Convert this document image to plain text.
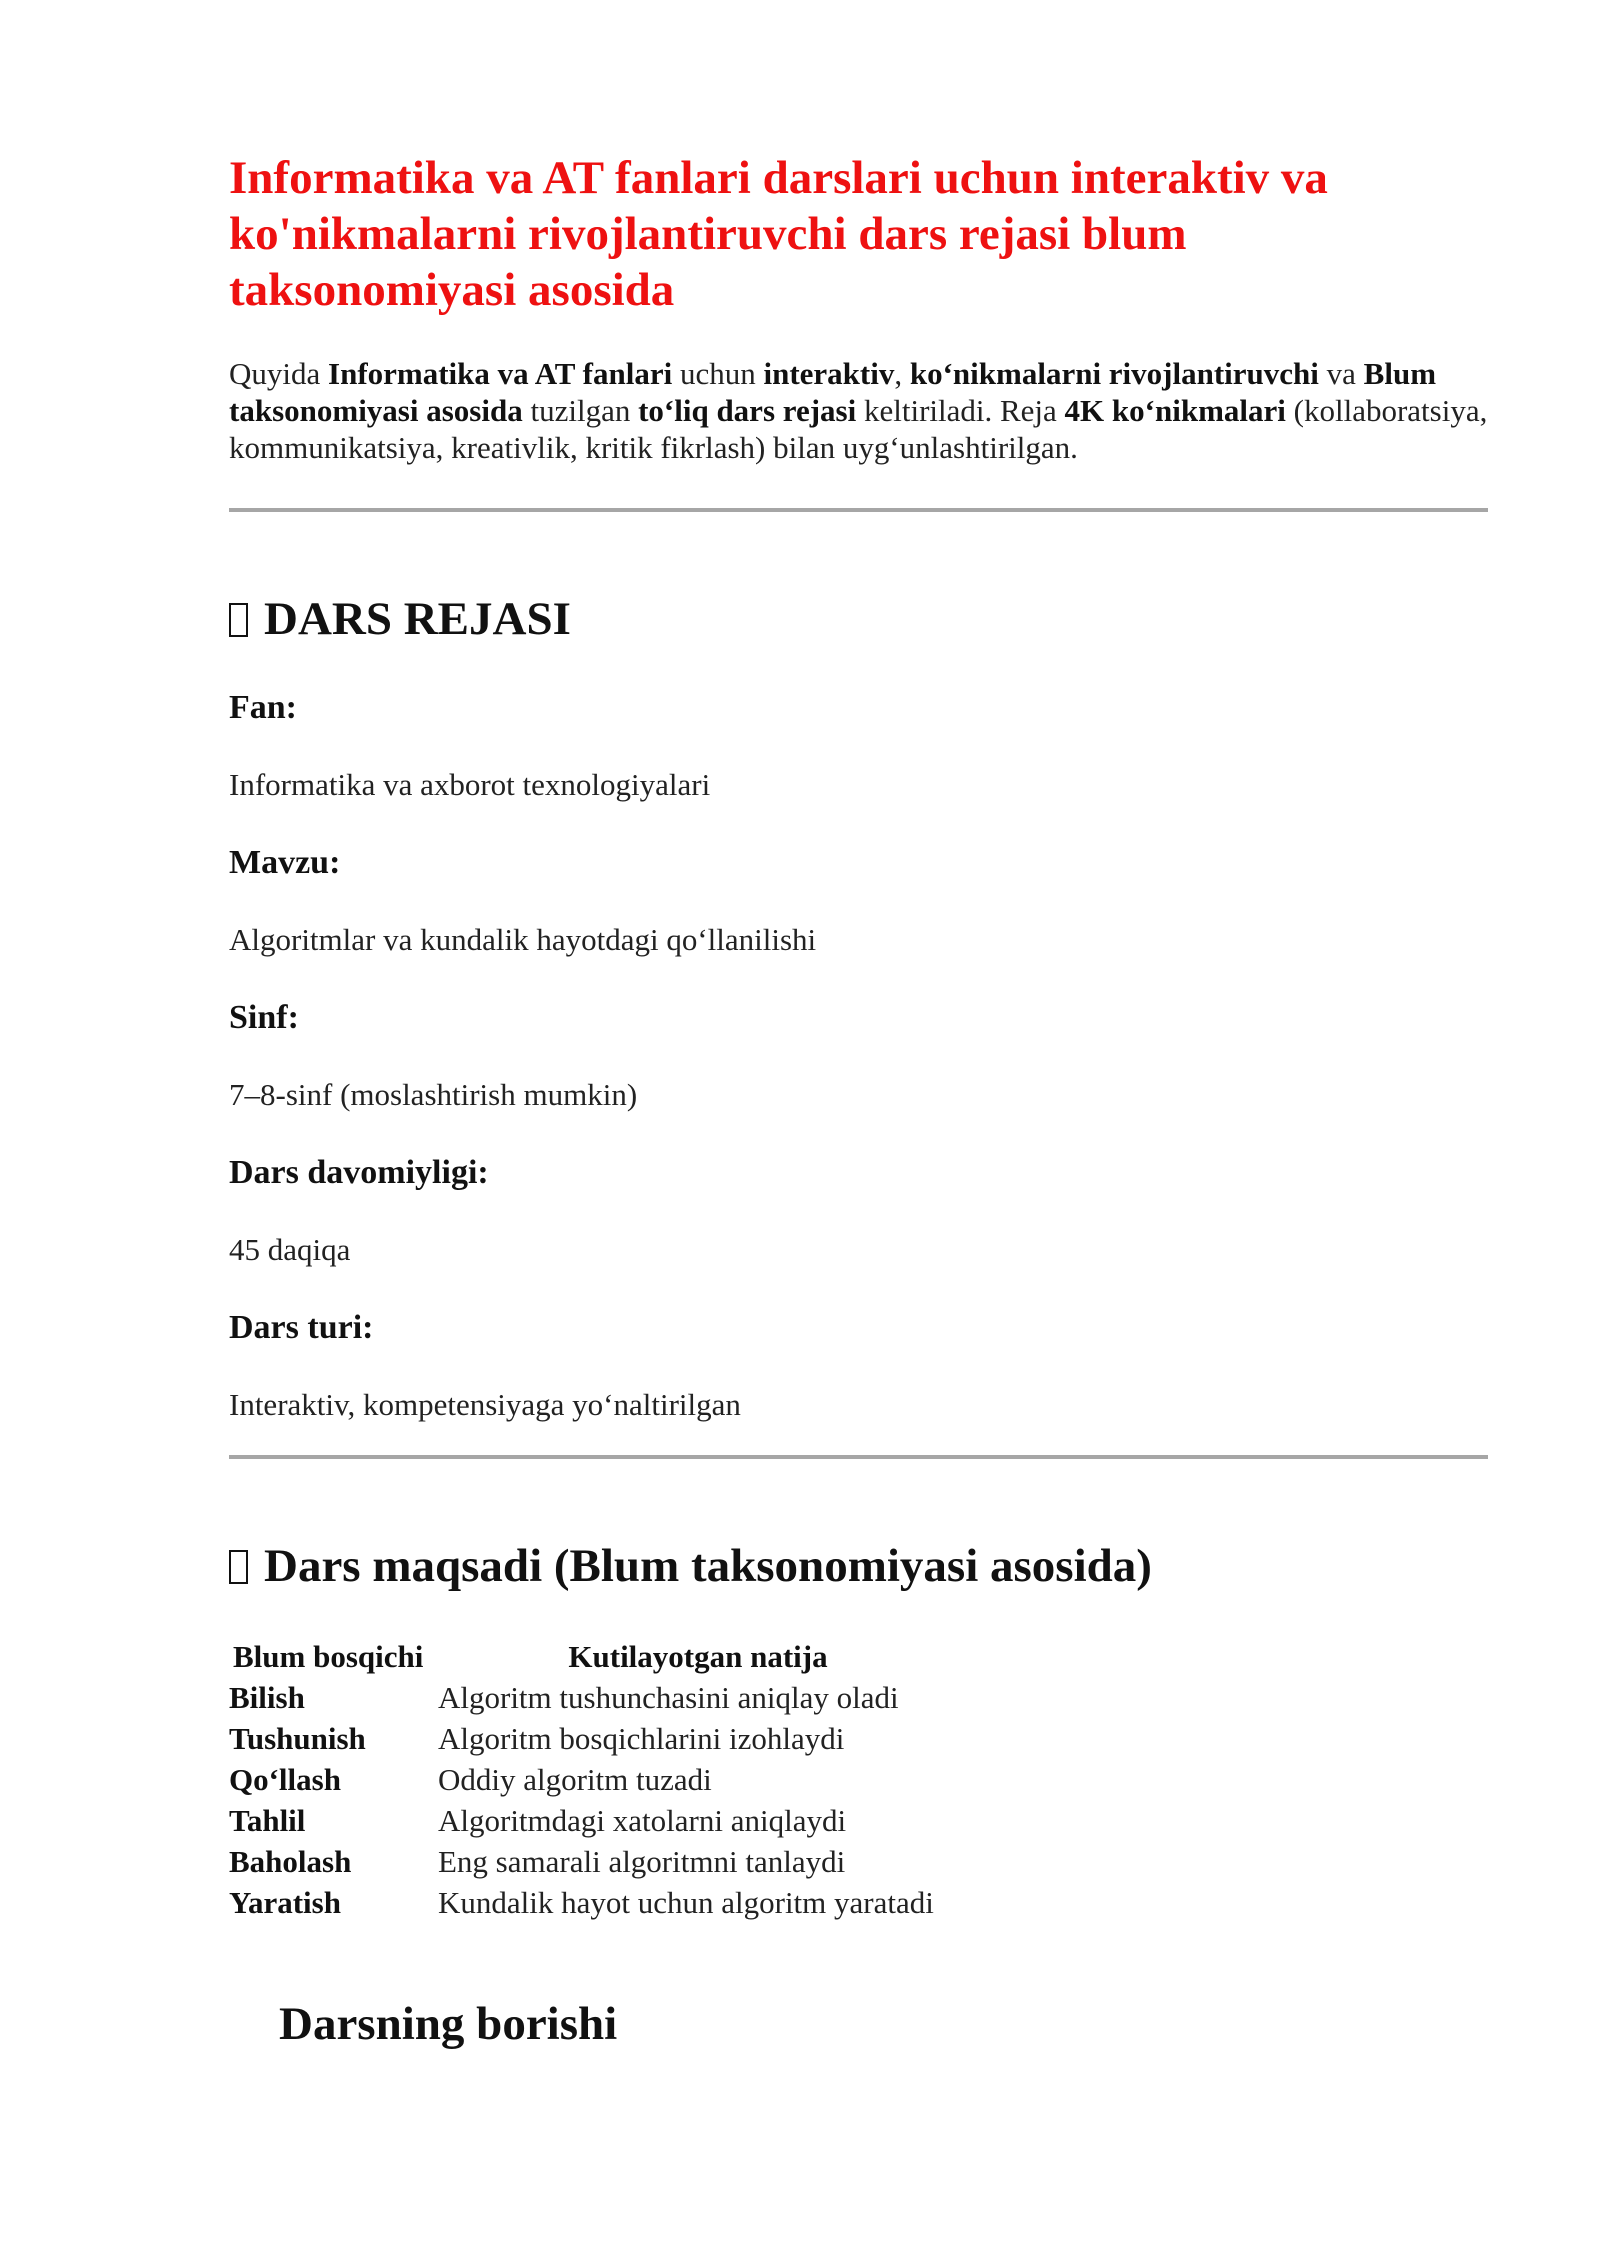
Informatika va AT fanlari darslari uchun interaktiv va ko'nikmalarni rivojlantiruvchi dars rejasi blum taksonomiyasi asosida

Quyida Informatika va AT fanlari uchun interaktiv, koʻnikmalarni rivojlantiruvchi va Blum taksonomiyasi asosida tuzilgan toʻliq dars rejasi keltiriladi. Reja 4K koʻnikmalari (kollaboratsiya, kommunikatsiya, kreativlik, kritik fikrlash) bilan uygʻunlashtirilgan.

DARS REJASI
Fan:
Informatika va axborot texnologiyalari
Mavzu:
Algoritmlar va kundalik hayotdagi qoʻllanilishi
Sinf:
7–8-sinf (moslashtirish mumkin)
Dars davomiyligi:
45 daqiqa
Dars turi:
Interaktiv, kompetensiyaga yoʻnaltirilgan
Dars maqsadi (Blum taksonomiyasi asosida)
Blum bosqichi	Kutilayotgan natija
Bilish	Algoritm tushunchasini aniqlay oladi
Tushunish	Algoritm bosqichlarini izohlaydi
Qoʻllash	Oddiy algoritm tuzadi
Tahlil	Algoritmdagi xatolarni aniqlaydi
Baholash	Eng samarali algoritmni tanlaydi
Yaratish	Kundalik hayot uchun algoritm yaratadi
Darsning borishi
